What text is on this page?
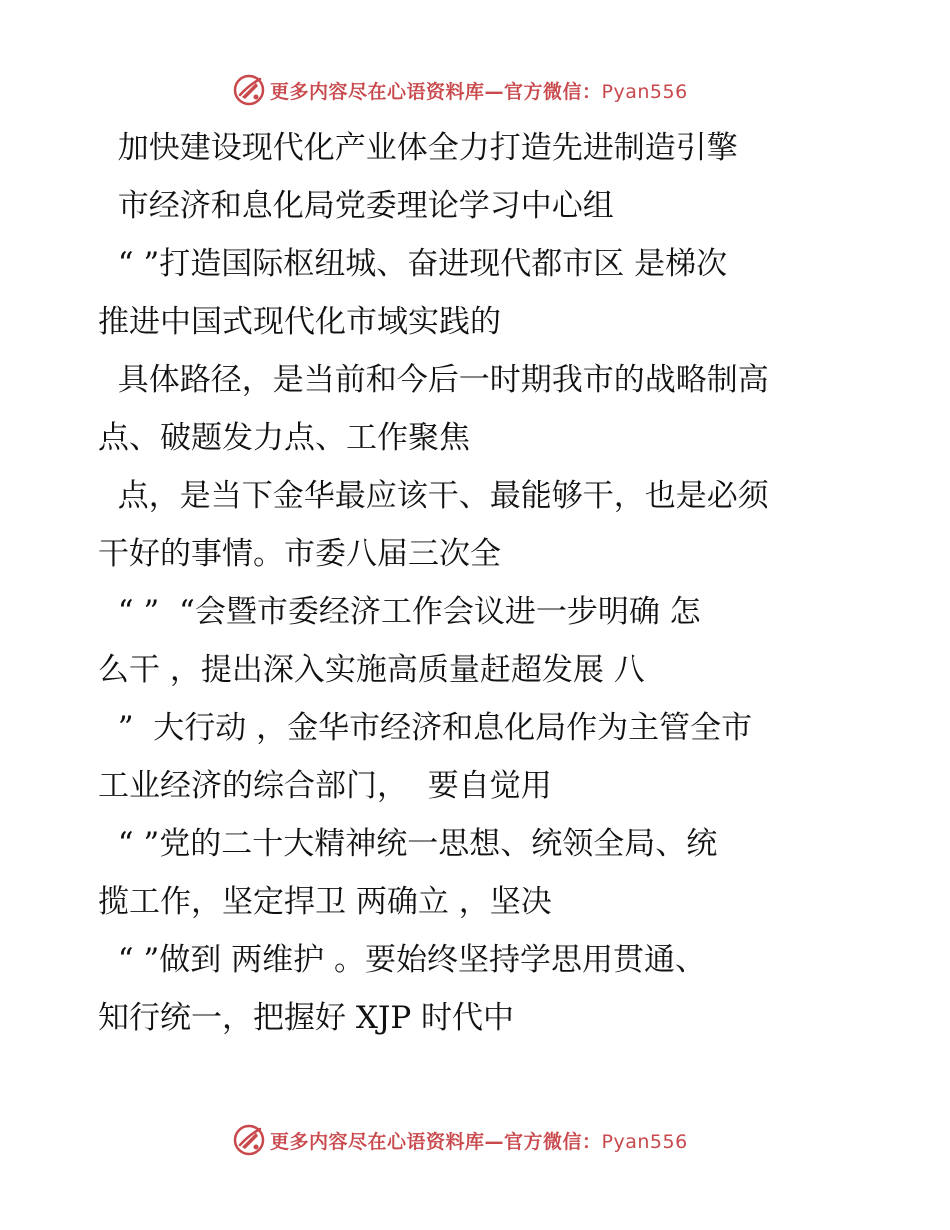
更多内容尽在心语资料库—官方微信：Pyan556
加快建设现代化产业体全力打造先进制造引擎
市经济和息化局党委理论学习中心组
“ ”打造国际枢纽城、奋进现代都市区 是梯次
推进中国式现代化市域实践的
具体路径，是当前和今后一时期我市的战略制高
点、破题发力点、工作聚焦
点，是当下金华最应该干、最能够干，也是必须
干好的事情。市委八届三次全
“ ”  “会暨市委经济工作会议进一步明确 怎
么干 ，提出深入实施高质量赶超发展 八
”  大行动 ，金华市经济和息化局作为主管全市
工业经济的综合部门，  要自觉用
“ ”党的二十大精神统一思想、统领全局、统
揽工作，坚定捍卫 两确立 ，坚决
“ ”做到 两维护 。要始终坚持学思用贯通、
知行统一，把握好 XJP 时代中
更多内容尽在心语资料库—官方微信：Pyan556
